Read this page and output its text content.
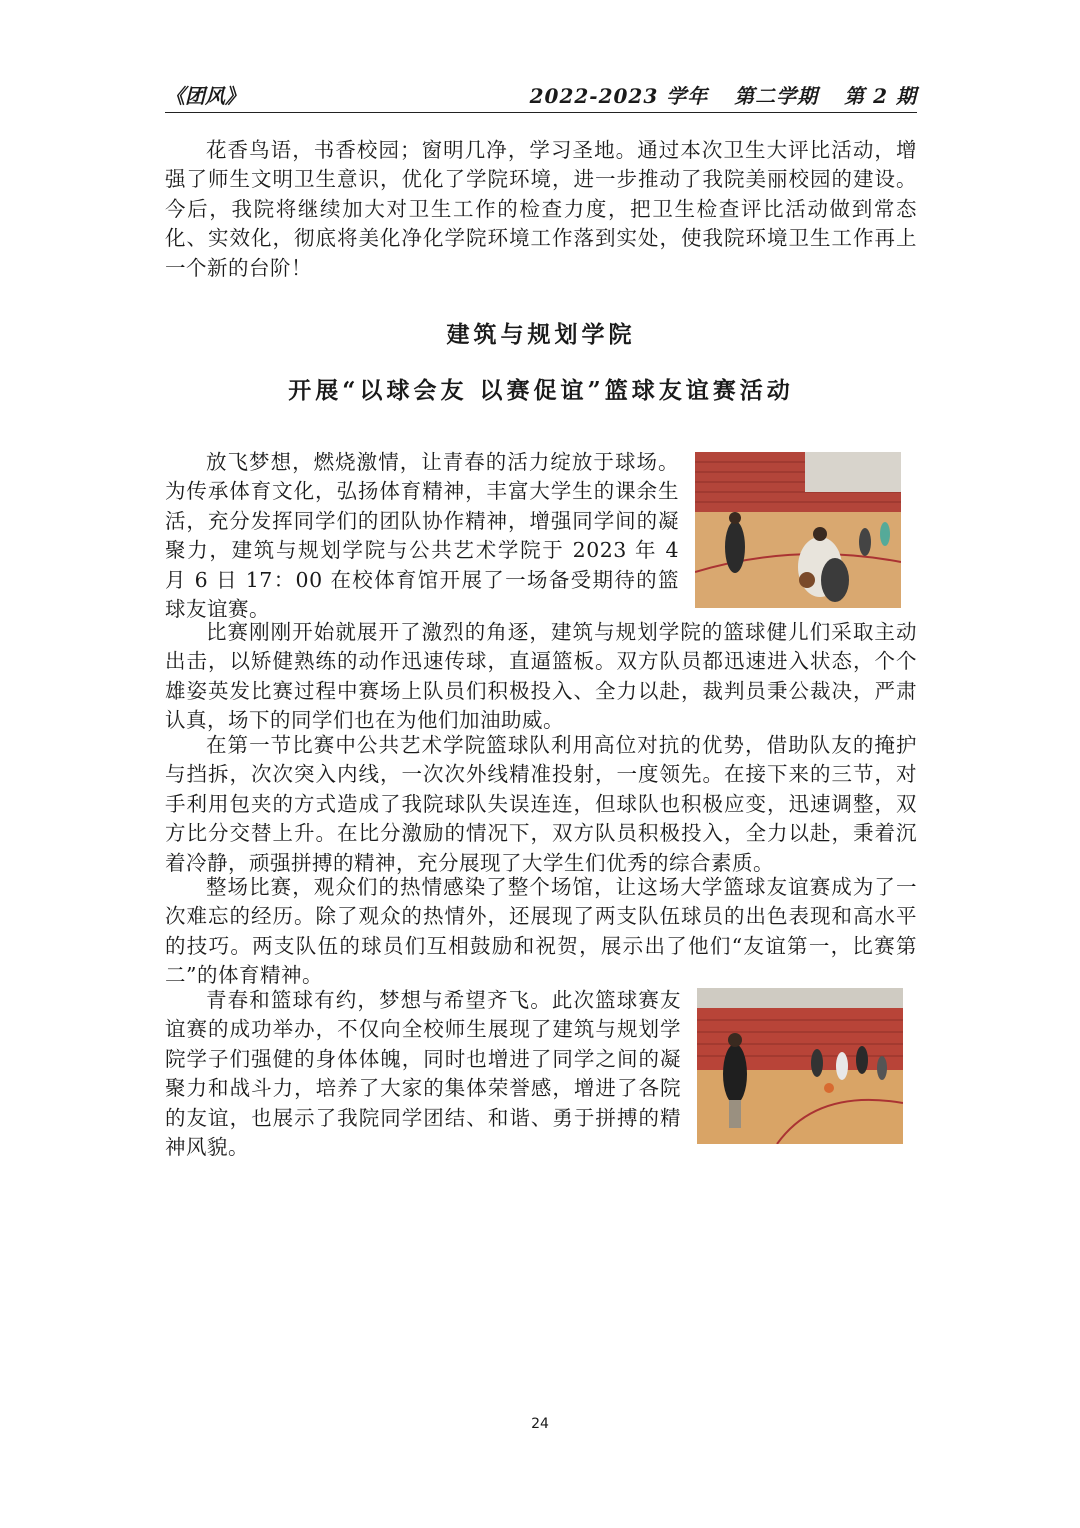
《团风》	2022-2023 学年 第二学期 第 2 期

花香鸟语，书香校园；窗明几净，学习圣地。通过本次卫生大评比活动，增强了师生文明卫生意识，优化了学院环境，进一步推动了我院美丽校园的建设。今后，我院将继续加大对卫生工作的检查力度，把卫生检查评比活动做到常态化、实效化，彻底将美化净化学院环境工作落到实处，使我院环境卫生工作再上一个新的台阶！

建筑与规划学院
开展“以球会友 以赛促谊”篮球友谊赛活动

放飞梦想，燃烧激情，让青春的活力绽放于球场。为传承体育文化，弘扬体育精神，丰富大学生的课余生活，充分发挥同学们的团队协作精神，增强同学间的凝聚力，建筑与规划学院与公共艺术学院于 2023 年 4 月 6 日 17：00 在校体育馆开展了一场备受期待的篮球友谊赛。

比赛刚刚开始就展开了激烈的角逐，建筑与规划学院的篮球健儿们采取主动出击，以矫健熟练的动作迅速传球，直逼篮板。双方队员都迅速进入状态，个个雄姿英发比赛过程中赛场上队员们积极投入、全力以赴，裁判员秉公裁决，严肃认真，场下的同学们也在为他们加油助威。

在第一节比赛中公共艺术学院篮球队利用高位对抗的优势，借助队友的掩护与挡拆，次次突入内线，一次次外线精准投射，一度领先。在接下来的三节，对手利用包夹的方式造成了我院球队失误连连，但球队也积极应变，迅速调整，双方比分交替上升。在比分激励的情况下，双方队员积极投入，全力以赴，秉着沉着冷静，顽强拼搏的精神，充分展现了大学生们优秀的综合素质。

整场比赛，观众们的热情感染了整个场馆，让这场大学篮球友谊赛成为了一次难忘的经历。除了观众的热情外，还展现了两支队伍球员的出色表现和高水平的技巧。两支队伍的球员们互相鼓励和祝贺，展示出了他们“友谊第一，比赛第二”的体育精神。

青春和篮球有约，梦想与希望齐飞。此次篮球赛友谊赛的成功举办，不仅向全校师生展现了建筑与规划学院学子们强健的身体体魄，同时也增进了同学之间的凝聚力和战斗力，培养了大家的集体荣誉感，增进了各院的友谊，也展示了我院同学团结、和谐、勇于拼搏的精神风貌。

24
